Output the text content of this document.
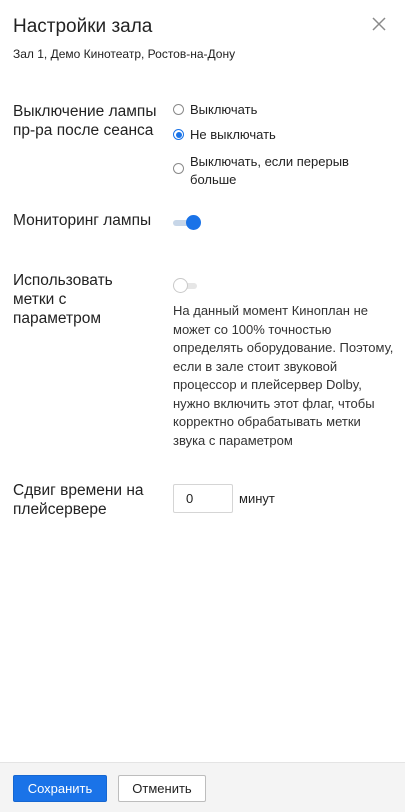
Настройки зала
Зал 1, Демо Кинотеатр, Ростов-на-Дону
Выключение лампы пр-ра после сеанса
Выключать
Не выключать
Выключать, если перерыв больше
Мониторинг лампы
Использовать метки с параметром	На данный момент Киноплан не может со 100% точностью определять оборудование. Поэтому, если в зале стоит звуковой процессор и плейсервер Dolby, нужно включить этот флаг, чтобы корректно обрабатывать метки звука с параметром
Сдвиг времени на плейсервере
0
минут
Сохранить	Отменить
